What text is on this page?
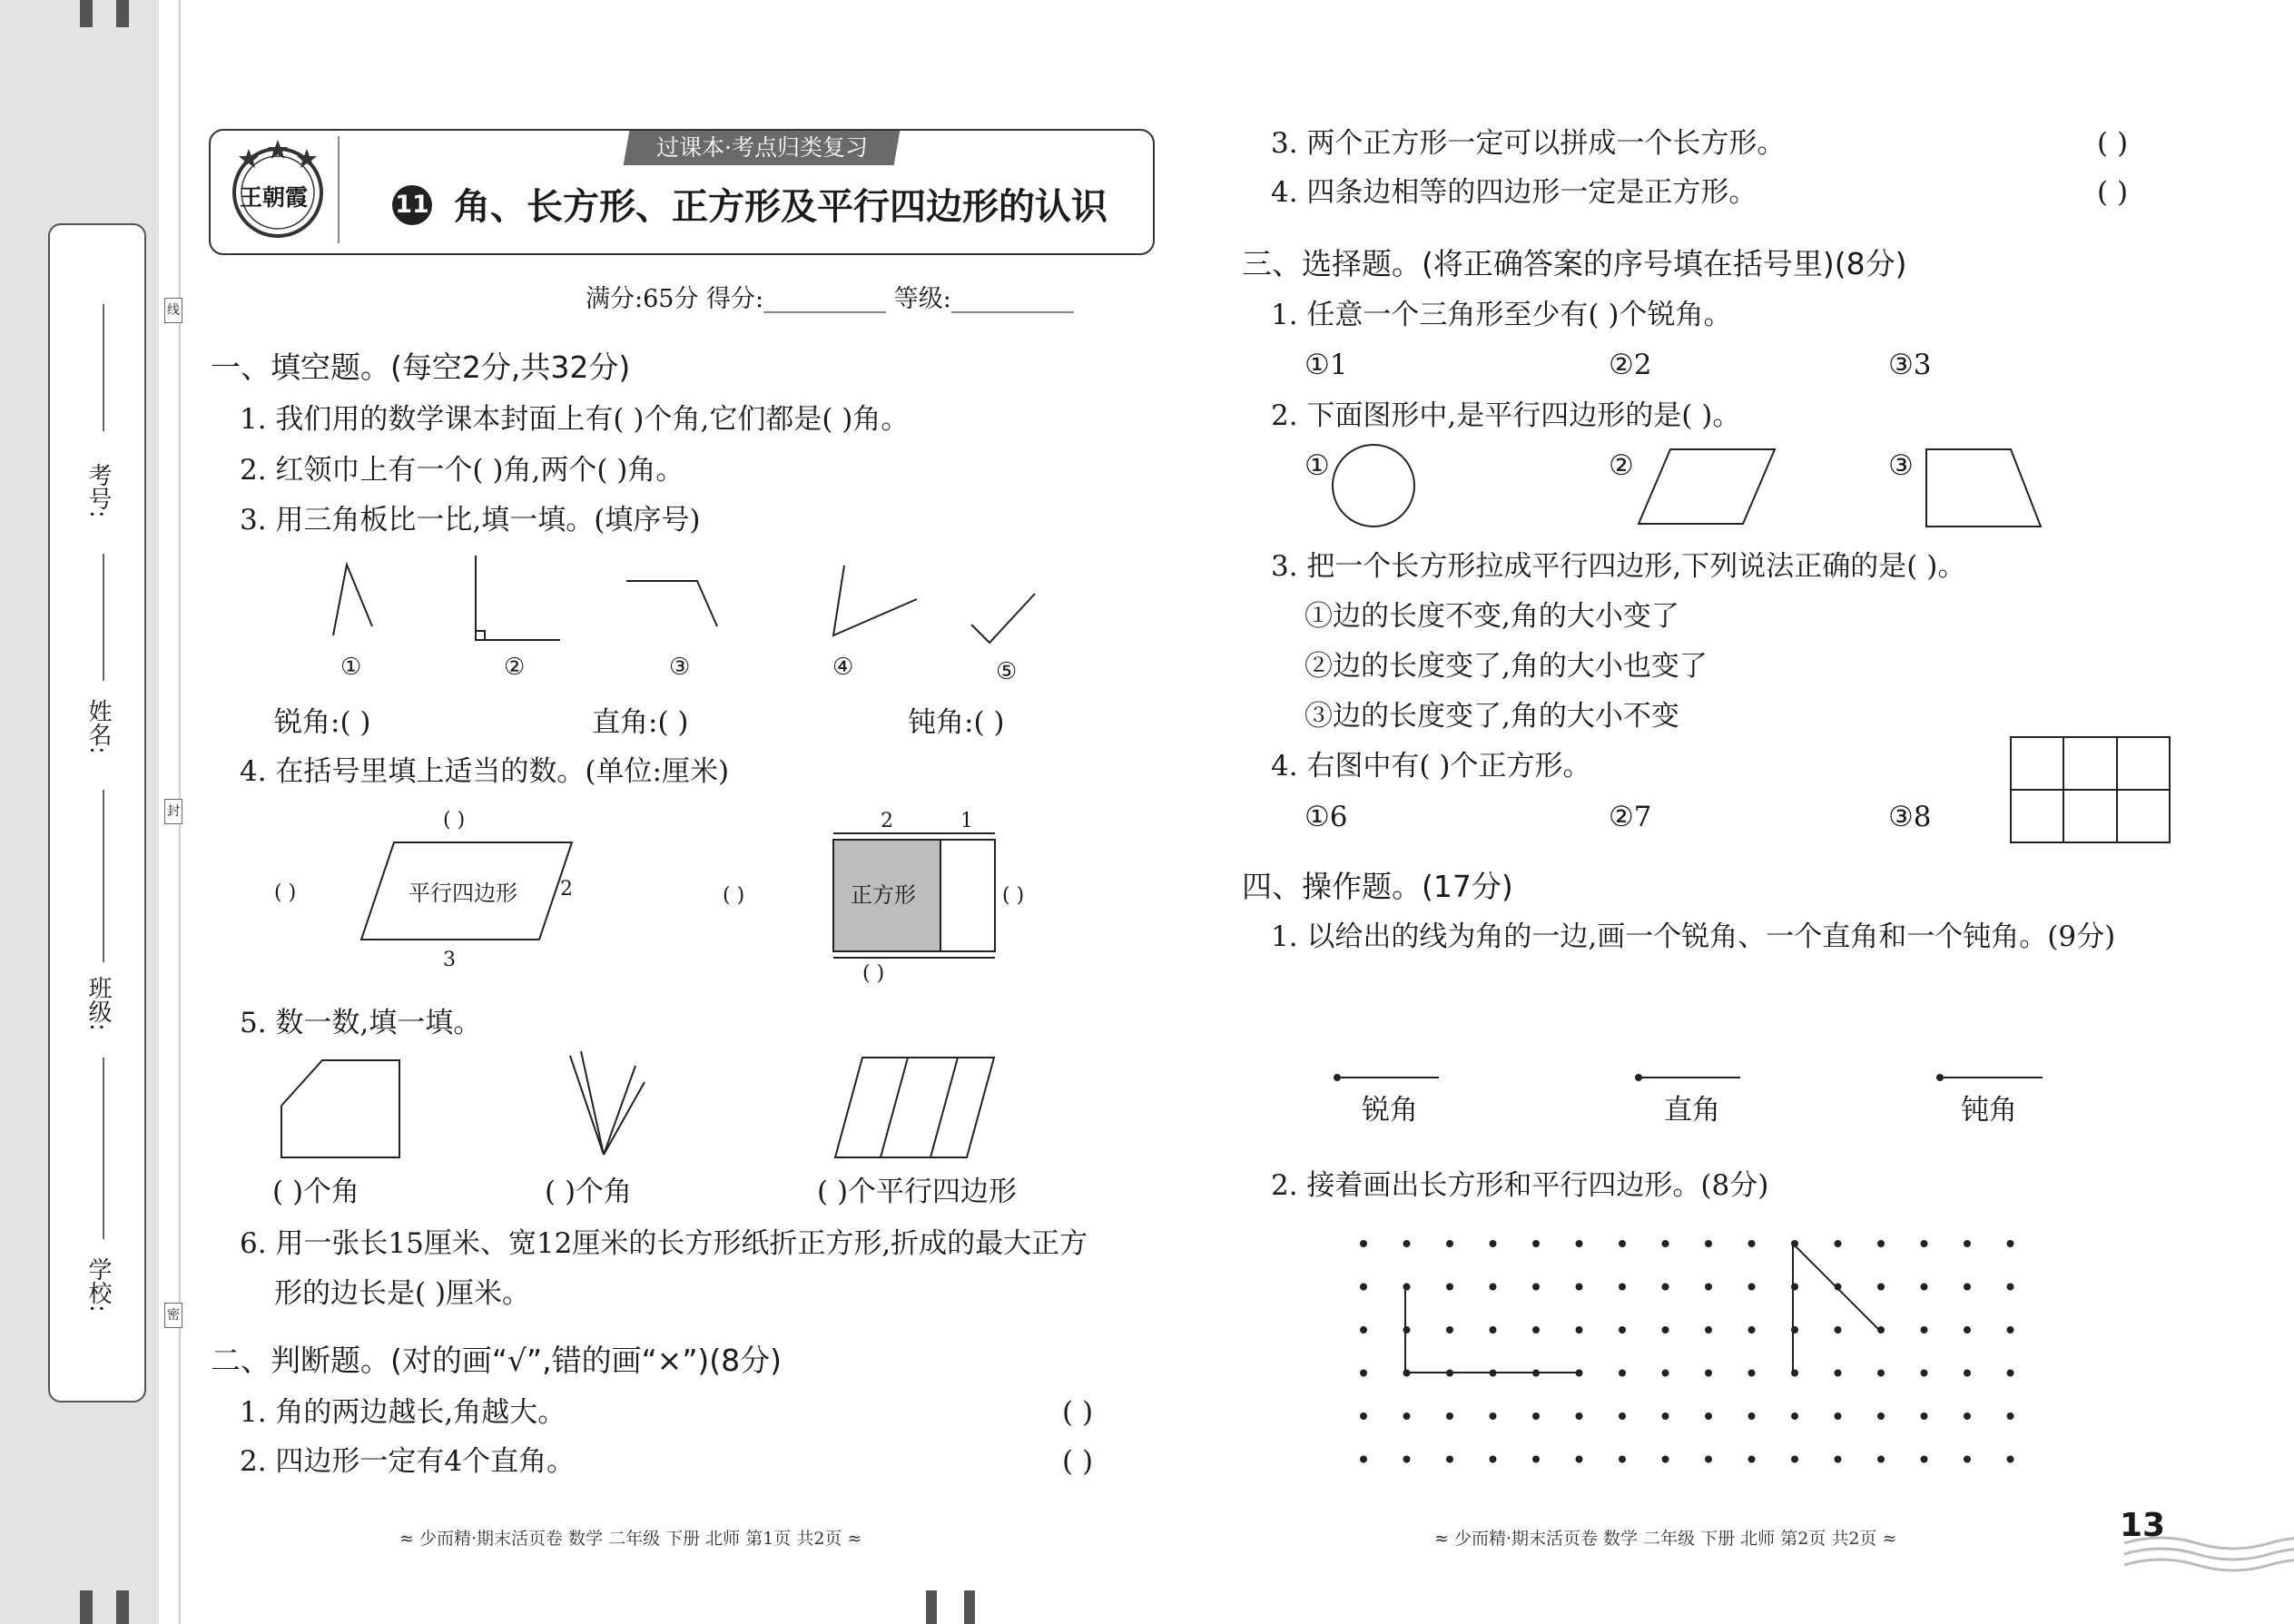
学校:
班级:
姓名:
考号:
线
封
密
王朝霞
过课本·考点归类复习
11 角、长方形、正方形及平行四边形的认识
满分:65分 得分:__________ 等级:__________
一、填空题。(每空2分,共32分)
1. 我们用的数学课本封面上有( )个角,它们都是( )角。
2. 红领巾上有一个( )角,两个( )角。
3. 用三角板比一比,填一填。(填序号)
①	②	③	④	⑤
锐角:( )	直角:( )	钝角:( )
4. 在括号里填上适当的数。(单位:厘米)
( )
( )	平行四边形 2
3
( )	正方形	( )
2	1
( )
5. 数一数,填一填。
( )个角	( )个角	( )个平行四边形
6. 用一张长15厘米、宽12厘米的长方形纸折正方形,折成的最大正方
形的边长是( )厘米。
二、判断题。(对的画“√”,错的画“×”)(8分)
1. 角的两边越长,角越大。	( )
2. 四边形一定有4个直角。	( )
3. 两个正方形一定可以拼成一个长方形。	( )
4. 四条边相等的四边形一定是正方形。	( )
三、选择题。(将正确答案的序号填在括号里)(8分)
1. 任意一个三角形至少有( )个锐角。
①1	②2	③3
2. 下面图形中,是平行四边形的是( )。
①	②	③
3. 把一个长方形拉成平行四边形,下列说法正确的是( )。
①边的长度不变,角的大小变了
②边的长度变了,角的大小也变了
③边的长度变了,角的大小不变
4. 右图中有( )个正方形。
①6	②7	③8
四、操作题。(17分)
1. 以给出的线为角的一边,画一个锐角、一个直角和一个钝角。(9分)
锐角	直角	钝角
2. 接着画出长方形和平行四边形。(8分)
≈ 少而精·期末活页卷 数学 二年级 下册 北师 第1页 共2页 ≈	≈ 少而精·期末活页卷 数学 二年级 下册 北师 第2页 共2页 ≈	13
